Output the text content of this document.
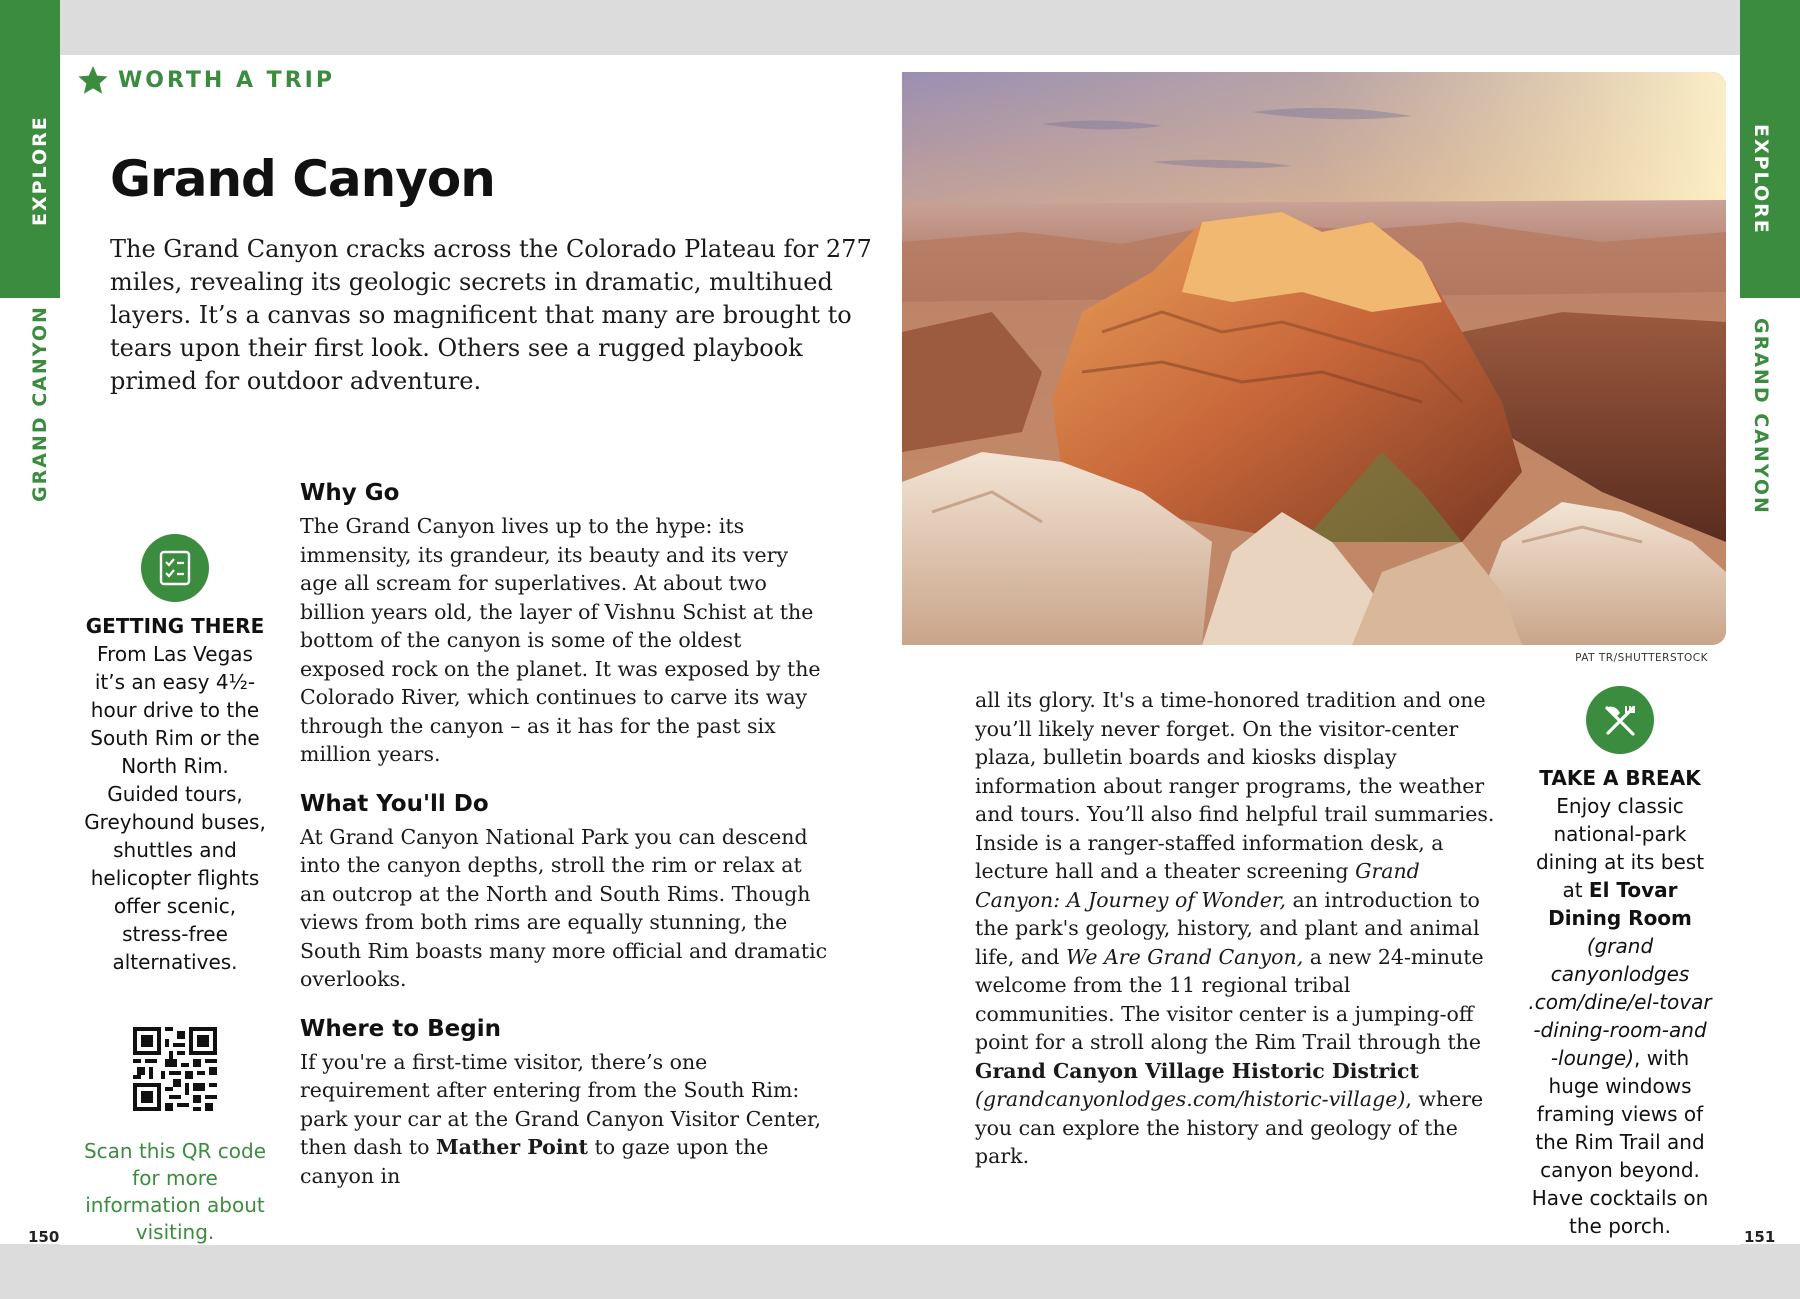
EXPLORE
GRAND CANYON
EXPLORE
GRAND CANYON
150	151
WORTH A TRIP
Grand Canyon

The Grand Canyon cracks across the Colorado Plateau for 277 miles, revealing its geologic secrets in dramatic, multihued layers. It’s a canvas so magnificent that many are brought to tears upon their first look. Others see a rugged playbook primed for outdoor adventure.

GETTING THERE
From Las Vegas it’s an easy 4½-hour drive to the South Rim or the North Rim. Guided tours, Greyhound buses, shuttles and helicopter flights offer scenic, stress-free alternatives.
Scan this QR code for more information about visiting.
Why Go

The Grand Canyon lives up to the hype: its immensity, its grandeur, its beauty and its very age all scream for superlatives. At about two billion years old, the layer of Vishnu Schist at the bottom of the canyon is some of the oldest exposed rock on the planet. It was exposed by the Colorado River, which continues to carve its way through the canyon – as it has for the past six million years.

What You'll Do

At Grand Canyon National Park you can descend into the canyon depths, stroll the rim or relax at an outcrop at the North and South Rims. Though views from both rims are equally stunning, the South Rim boasts many more official and dramatic overlooks.

Where to Begin

If you're a first-time visitor, there’s one requirement after entering from the South Rim: park your car at the Grand Canyon Visitor Center, then dash to Mather Point to gaze upon the canyon in

PAT TR/SHUTTERSTOCK

all its glory. It's a time-honored tradition and one you’ll likely never forget. On the visitor-center plaza, bulletin boards and kiosks display information about ranger programs, the weather and tours. You’ll also find helpful trail summaries. Inside is a ranger-staffed information desk, a lecture hall and a theater screening Grand Canyon: A Journey of Wonder, an introduction to the park's geology, history, and plant and animal life, and We Are Grand Canyon, a new 24-minute welcome from the 11 regional tribal communities. The visitor center is a jumping-off point for a stroll along the Rim Trail through the Grand Canyon Village Historic District (grandcanyonlodges.com/historic-village), where you can explore the history and geology of the park.

TAKE A BREAK
Enjoy classic national-park dining at its best at El Tovar Dining Room (grand canyonlodges .com/dine/el-tovar -dining-room-and -lounge), with huge windows framing views of the Rim Trail and canyon beyond. Have cocktails on the porch.
